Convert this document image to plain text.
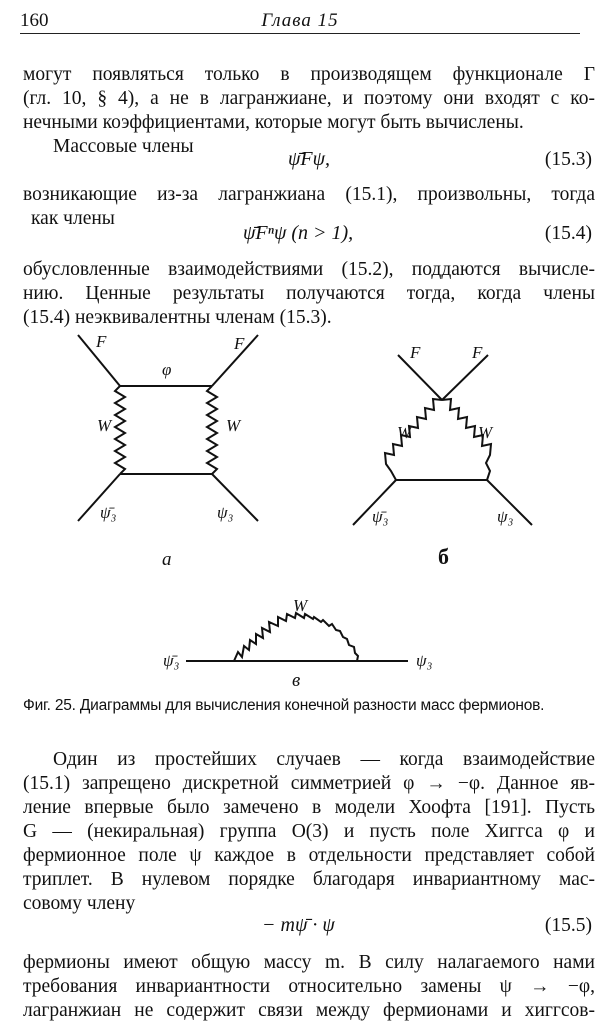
160	Глава 15
могут появляться только в производящем функционале Γ
(гл. 10, § 4), а не в лагранжиане, и поэтому они входят с ко-
нечными коэффициентами, которые могут быть вычислены.
Массовые члены
ψ̄Fψ,	(15.3)
возникающие из-за лагранжиана (15.1), произвольны, тогда
как члены
ψ̄Fⁿψ (n > 1),	(15.4)
обусловленные взаимодействиями (15.2), поддаются вычисле-
нию. Ценные результаты получаются тогда, когда члены
(15.4) неэквивалентны членам (15.3).
F	F
φ
W	W
ψ̄₃	ψ₃
a
F	F
W	W
ψ̄₃	ψ₃
б
W
ψ̄₃	ψ₃
в
Фиг. 25. Диаграммы для вычисления конечной разности масс фермионов.
Один из простейших случаев — когда взаимодействие
(15.1) запрещено дискретной симметрией φ → −φ. Данное яв-
ление впервые было замечено в модели Хоофта [191]. Пусть
G — (некиральная) группа O(3) и пусть поле Хиггса φ и
фермионное поле ψ каждое в отдельности представляет собой
триплет. В нулевом порядке благодаря инвариантному мас-
совому члену
− mψ̄ · ψ	(15.5)
фермионы имеют общую массу m. В силу налагаемого нами
требования инвариантности относительно замены ψ → −φ,
лагранжиан не содержит связи между фермионами и хиггсов-
